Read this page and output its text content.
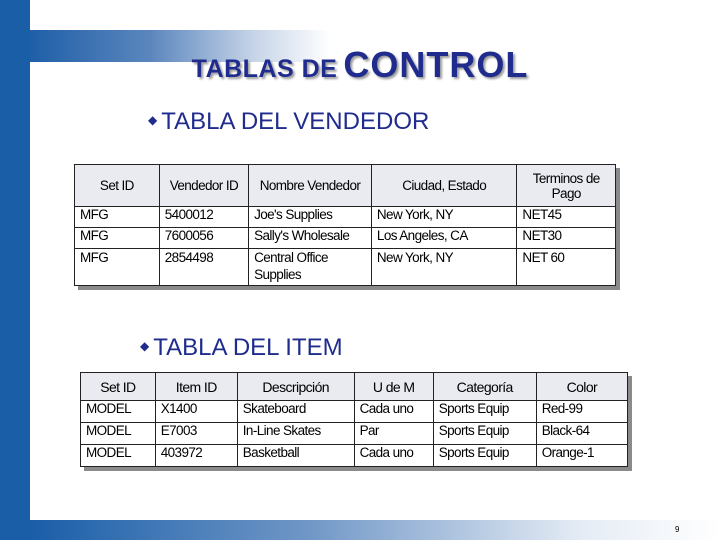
TABLAS DE CONTROL
◆ TABLA DEL VENDEDOR
Set ID	Vendedor ID	Nombre Vendedor	Ciudad, Estado	Terminos de Pago
MFG	5400012	Joe's Supplies	New York, NY	NET45
MFG	7600056	Sally's Wholesale	Los Angeles, CA	NET30
MFG	2854498	Central Office Supplies	New York, NY	NET 60
◆ TABLA DEL ITEM
Set ID	Item ID	Descripción	U de M	Categoría	Color
MODEL	X1400	Skateboard	Cada uno	Sports Equip	Red-99
MODEL	E7003	In-Line Skates	Par	Sports Equip	Black-64
MODEL	403972	Basketball	Cada uno	Sports Equip	Orange-1
9
